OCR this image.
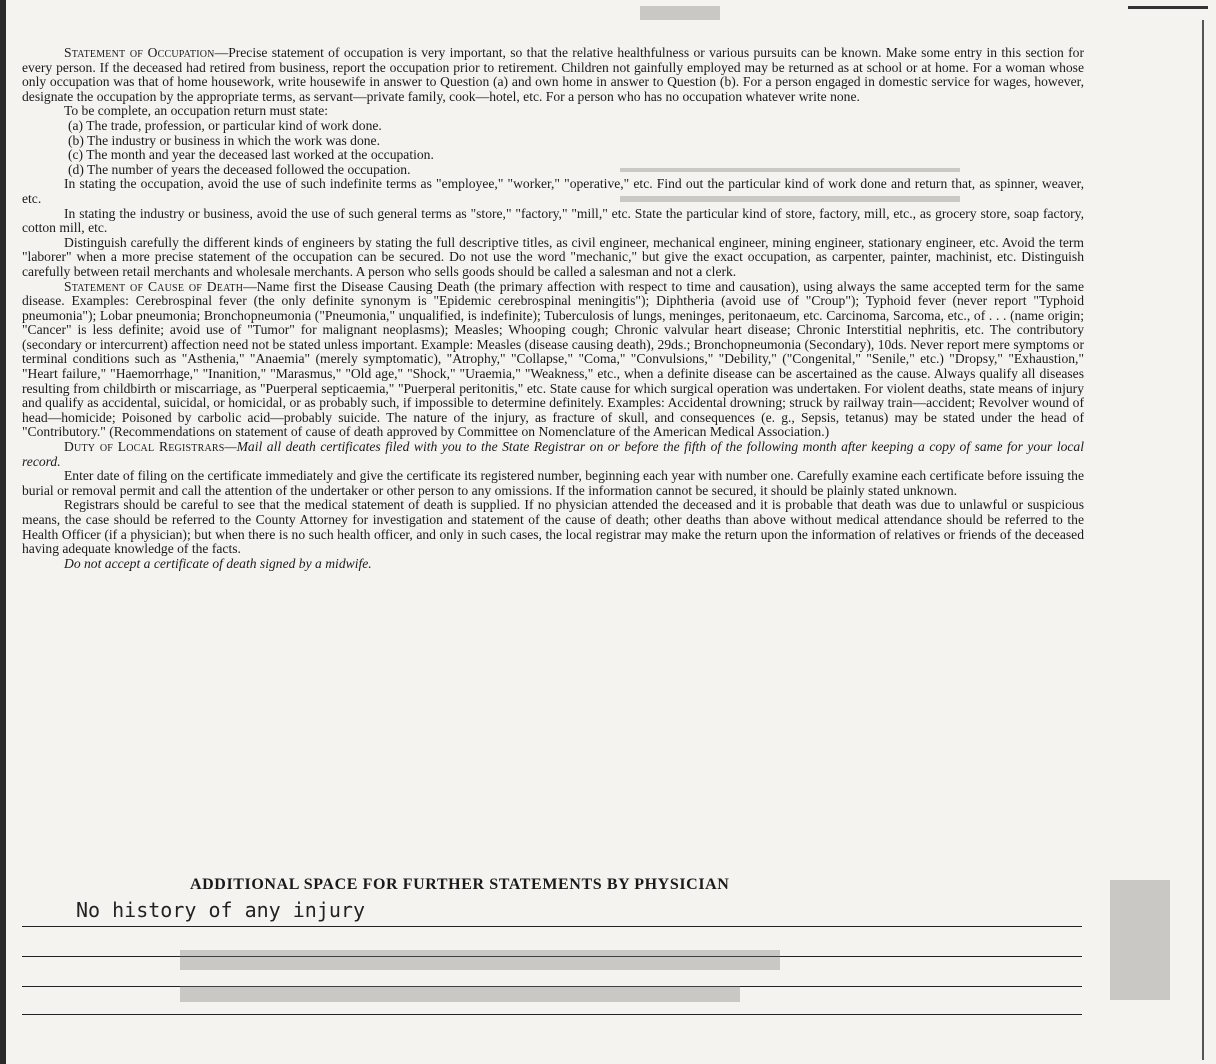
Statement of Occupation—Precise statement of occupation is very important, so that the relative healthfulness or various pursuits can be known. Make some entry in this section for every person. If the deceased had retired from business, report the occupation prior to retirement. Children not gainfully employed may be returned as at school or at home. For a woman whose only occupation was that of home housework, write housewife in answer to Question (a) and own home in answer to Question (b). For a person engaged in domestic service for wages, however, designate the occupation by the appropriate terms, as servant—private family, cook—hotel, etc. For a person who has no occupation whatever write none.

To be complete, an occupation return must state:

(a) The trade, profession, or particular kind of work done.
(b) The industry or business in which the work was done.
(c) The month and year the deceased last worked at the occupation.
(d) The number of years the deceased followed the occupation.

In stating the occupation, avoid the use of such indefinite terms as "employee," "worker," "operative," etc. Find out the particular kind of work done and return that, as spinner, weaver, etc.

In stating the industry or business, avoid the use of such general terms as "store," "factory," "mill," etc. State the particular kind of store, factory, mill, etc., as grocery store, soap factory, cotton mill, etc.

Distinguish carefully the different kinds of engineers by stating the full descriptive titles, as civil engineer, mechanical engineer, mining engineer, stationary engineer, etc. Avoid the term "laborer" when a more precise statement of the occupation can be secured. Do not use the word "mechanic," but give the exact occupation, as carpenter, painter, machinist, etc. Distinguish carefully between retail merchants and wholesale merchants. A person who sells goods should be called a salesman and not a clerk.

Statement of Cause of Death—Name first the Disease Causing Death (the primary affection with respect to time and causation), using always the same accepted term for the same disease. Examples: Cerebrospinal fever (the only definite synonym is "Epidemic cerebrospinal meningitis"); Diphtheria (avoid use of "Croup"); Typhoid fever (never report "Typhoid pneumonia"); Lobar pneumonia; Bronchopneumonia ("Pneumonia," unqualified, is indefinite); Tuberculosis of lungs, meninges, peritonaeum, etc. Carcinoma, Sarcoma, etc., of . . . (name origin; "Cancer" is less definite; avoid use of "Tumor" for malignant neoplasms); Measles; Whooping cough; Chronic valvular heart disease; Chronic Interstitial nephritis, etc. The contributory (secondary or intercurrent) affection need not be stated unless important. Example: Measles (disease causing death), 29ds.; Bronchopneumonia (Secondary), 10ds. Never report mere symptoms or terminal conditions such as "Asthenia," "Anaemia" (merely symptomatic), "Atrophy," "Collapse," "Coma," "Convulsions," "Debility," ("Congenital," "Senile," etc.) "Dropsy," "Exhaustion," "Heart failure," "Haemorrhage," "Inanition," "Marasmus," "Old age," "Shock," "Uraemia," "Weakness," etc., when a definite disease can be ascertained as the cause. Always qualify all diseases resulting from childbirth or miscarriage, as "Puerperal septicaemia," "Puerperal peritonitis," etc. State cause for which surgical operation was undertaken. For violent deaths, state means of injury and qualify as accidental, suicidal, or homicidal, or as probably such, if impossible to determine definitely. Examples: Accidental drowning; struck by railway train—accident; Revolver wound of head—homicide; Poisoned by carbolic acid—probably suicide. The nature of the injury, as fracture of skull, and consequences (e. g., Sepsis, tetanus) may be stated under the head of "Contributory." (Recommendations on statement of cause of death approved by Committee on Nomenclature of the American Medical Association.)

Duty of Local Registrars—Mail all death certificates filed with you to the State Registrar on or before the fifth of the following month after keeping a copy of same for your local record.

Enter date of filing on the certificate immediately and give the certificate its registered number, beginning each year with number one. Carefully examine each certificate before issuing the burial or removal permit and call the attention of the undertaker or other person to any omissions. If the information cannot be secured, it should be plainly stated unknown.

Registrars should be careful to see that the medical statement of death is supplied. If no physician attended the deceased and it is probable that death was due to unlawful or suspicious means, the case should be referred to the County Attorney for investigation and statement of the cause of death; other deaths than above without medical attendance should be referred to the Health Officer (if a physician); but when there is no such health officer, and only in such cases, the local registrar may make the return upon the information of relatives or friends of the deceased having adequate knowledge of the facts.

Do not accept a certificate of death signed by a midwife.

ADDITIONAL SPACE FOR FURTHER STATEMENTS BY PHYSICIAN
No history of any injury
